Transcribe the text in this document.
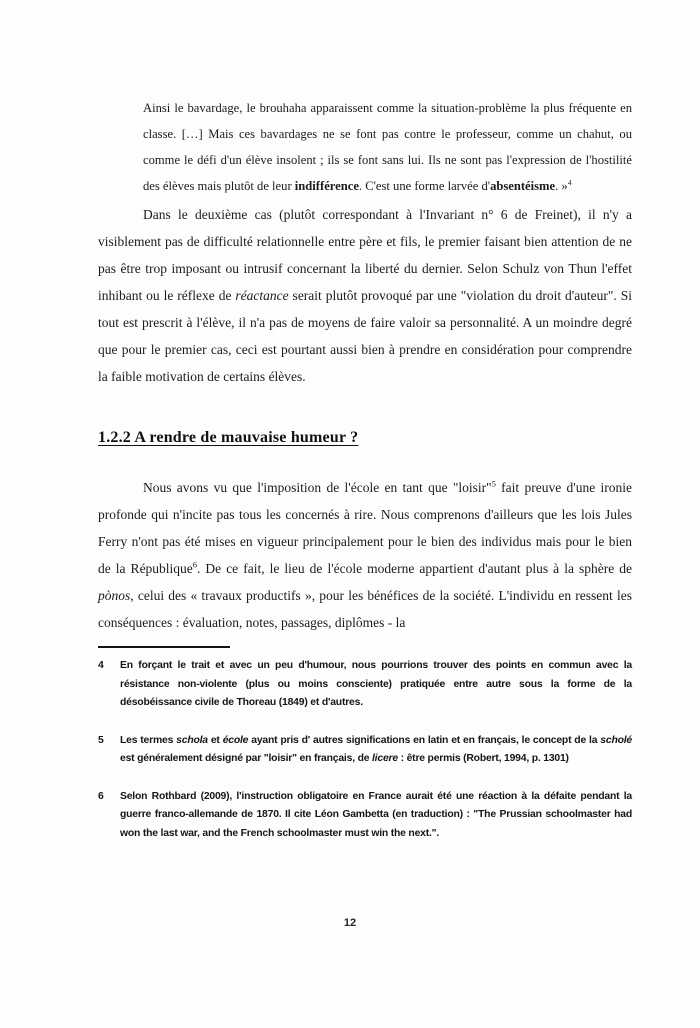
Ainsi le bavardage, le brouhaha apparaissent comme la situation-problème la plus fréquente en classe. […] Mais ces bavardages ne se font pas contre le professeur, comme un chahut, ou comme le défi d'un élève insolent ; ils se font sans lui. Ils ne sont pas l'expression de l'hostilité des élèves mais plutôt de leur indifférence. C'est une forme larvée d'absentéisme. »$^4$

Dans le deuxième cas (plutôt correspondant à l'Invariant n° 6 de Freinet), il n'y a visiblement pas de difficulté relationnelle entre père et fils, le premier faisant bien attention de ne pas être trop imposant ou intrusif concernant la liberté du dernier. Selon Schulz von Thun l'effet inhibant ou le réflexe de réactance serait plutôt provoqué par une "violation du droit d'auteur". Si tout est prescrit à l'élève, il n'a pas de moyens de faire valoir sa personnalité. A un moindre degré que pour le premier cas, ceci est pourtant aussi bien à prendre en considération pour comprendre la faible motivation de certains élèves.

1.2.2 A rendre de mauvaise humeur ?

Nous avons vu que l'imposition de l'école en tant que "loisir"$^5$ fait preuve d'une ironie profonde qui n'incite pas tous les concernés à rire. Nous comprenons d'ailleurs que les lois Jules Ferry n'ont pas été mises en vigueur principalement pour le bien des individus mais pour le bien de la République$^6$. De ce fait, le lieu de l'école moderne appartient d'autant plus à la sphère de pònos, celui des « travaux productifs », pour les bénéfices de la société. L'individu en ressent les conséquences : évaluation, notes, passages, diplômes - la

4 En forçant le trait et avec un peu d'humour, nous pourrions trouver des points en commun avec la résistance non-violente (plus ou moins consciente) pratiquée entre autre sous la forme de la désobéissance civile de Thoreau (1849) et d'autres.
5 Les termes schola et école ayant pris d' autres significations en latin et en français, le concept de la scholé est généralement désigné par "loisir" en français, de licere : être permis (Robert, 1994, p. 1301)
6 Selon Rothbard (2009), l'instruction obligatoire en France aurait été une réaction à la défaite pendant la guerre franco-allemande de 1870. Il cite Léon Gambetta (en traduction) : "The Prussian schoolmaster had won the last war, and the French schoolmaster must win the next.".
12
